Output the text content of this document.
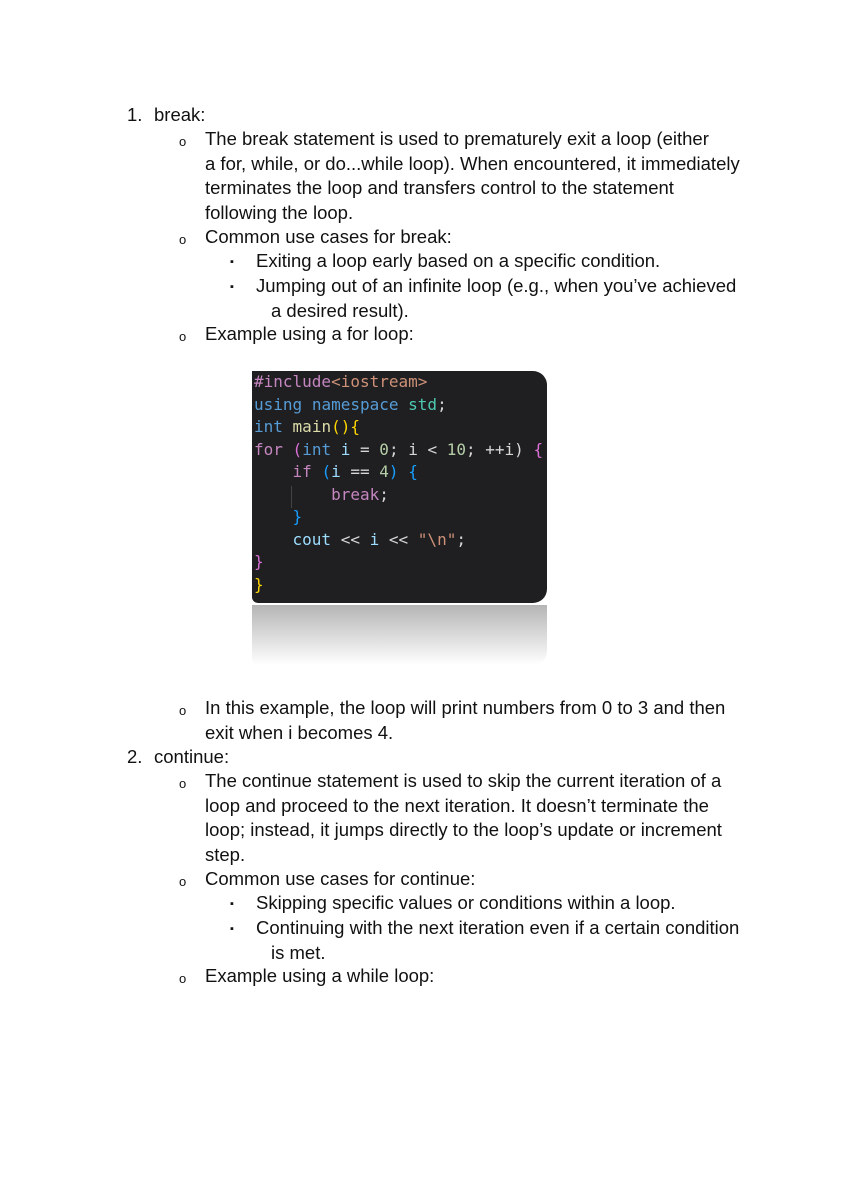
1. break:
o The break statement is used to prematurely exit a loop (either
a for, while, or do...while loop). When encountered, it immediately
terminates the loop and transfers control to the statement
following the loop.
o Common use cases for break:
▪ Exiting a loop early based on a specific condition.
▪ Jumping out of an infinite loop (e.g., when you’ve achieved
a desired result).
o Example using a for loop:

#include<iostream>

using namespace std;

int main(){

for (int i = 0; i < 10; ++i) {

if (i == 4) {

break;

}

cout << i << "\n";

}

}

o In this example, the loop will print numbers from 0 to 3 and then
exit when i becomes 4.
2. continue:
o The continue statement is used to skip the current iteration of a
loop and proceed to the next iteration. It doesn’t terminate the
loop; instead, it jumps directly to the loop’s update or increment
step.
o Common use cases for continue:
▪ Skipping specific values or conditions within a loop.
▪ Continuing with the next iteration even if a certain condition
is met.
o Example using a while loop:
